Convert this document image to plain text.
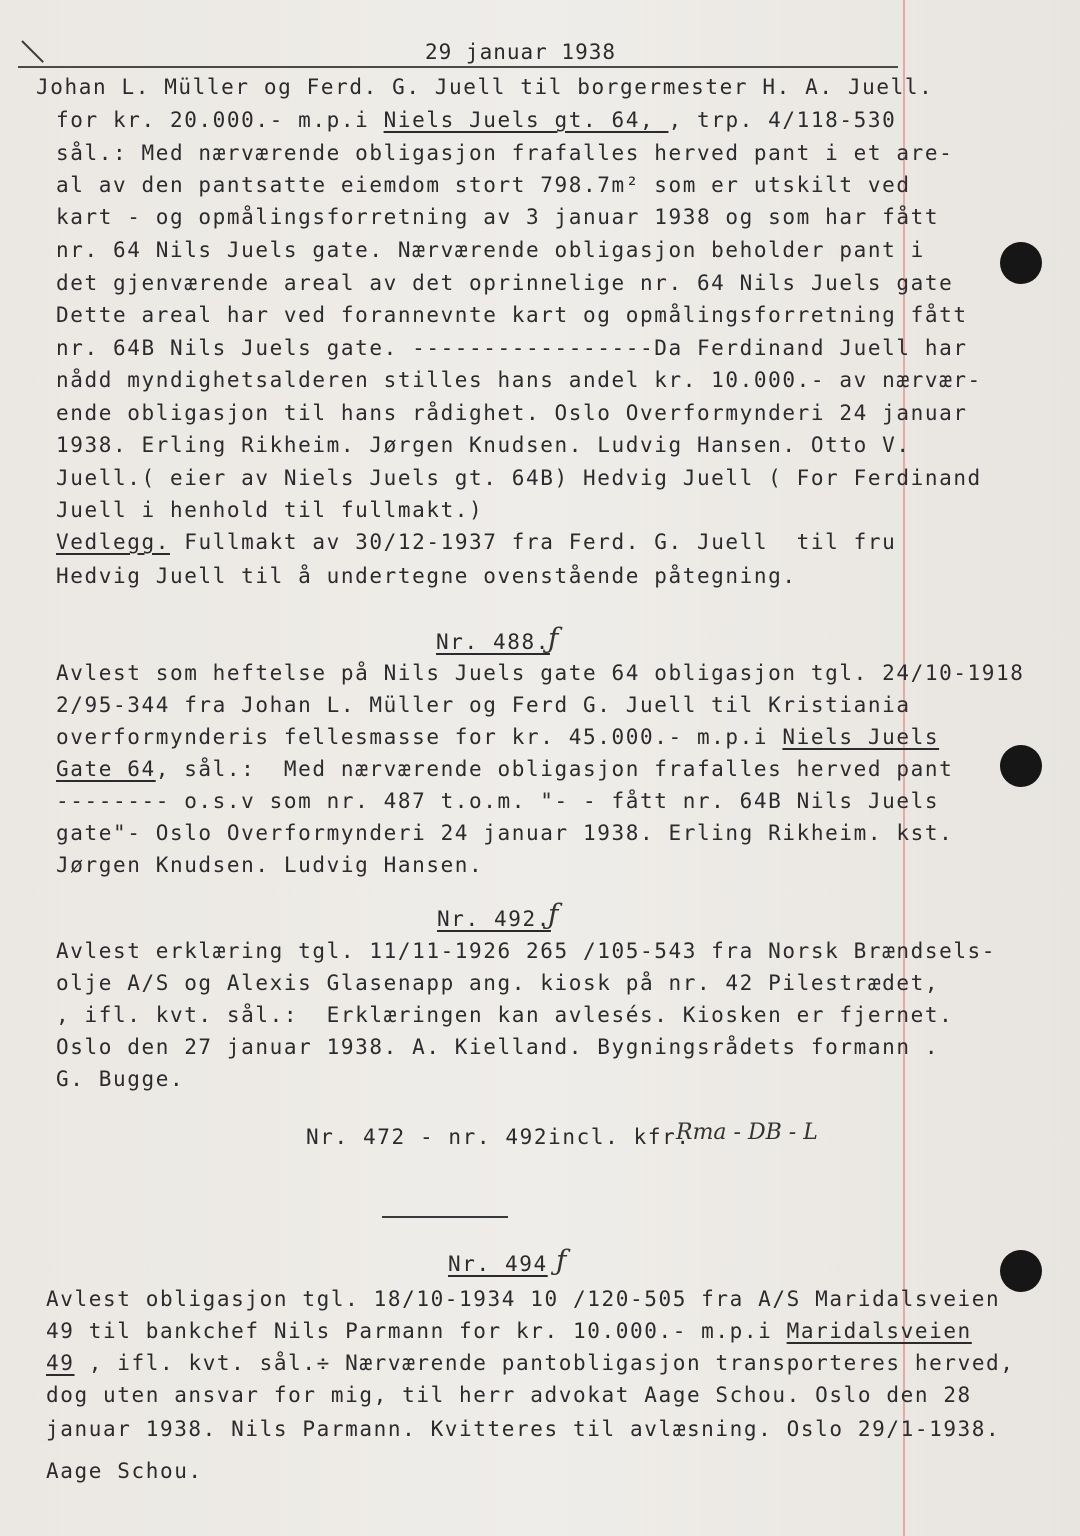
29 januar 1938
Johan L. Müller og Ferd. G. Juell til borgermester H. A. Juell.
for kr. 20.000.- m.p.i Niels Juels gt. 64, , trp. 4/118-530
sål.: Med nærværende obligasjon frafalles herved pant i et are-
al av den pantsatte eiemdom stort 798.7m² som er utskilt ved
kart - og opmålingsforretning av 3 januar 1938 og som har fått
nr. 64 Nils Juels gate. Nærværende obligasjon beholder pant i
det gjenværende areal av det oprinnelige nr. 64 Nils Juels gate
Dette areal har ved forannevnte kart og opmålingsforretning fått
nr. 64B Nils Juels gate. -----------------Da Ferdinand Juell har
nådd myndighetsalderen stilles hans andel kr. 10.000.- av nærvær-
ende obligasjon til hans rådighet. Oslo Overformynderi 24 januar
1938. Erling Rikheim. Jørgen Knudsen. Ludvig Hansen. Otto V.
Juell.( eier av Niels Juels gt. 64B) Hedvig Juell ( For Ferdinand
Juell i henhold til fullmakt.)
Vedlegg. Fullmakt av 30/12-1937 fra Ferd. G. Juell  til fru
Hedvig Juell til å undertegne ovenstående påtegning.
Nr. 488.
ƒ
Avlest som heftelse på Nils Juels gate 64 obligasjon tgl. 24/10-1918
2/95-344 fra Johan L. Müller og Ferd G. Juell til Kristiania
overformynderis fellesmasse for kr. 45.000.- m.p.i Niels Juels
Gate 64, sål.:  Med nærværende obligasjon frafalles herved pant
-------- o.s.v som nr. 487 t.o.m. "- - fått nr. 64B Nils Juels
gate"- Oslo Overformynderi 24 januar 1938. Erling Rikheim. kst.
Jørgen Knudsen. Ludvig Hansen.
Nr. 492.
ƒ
Avlest erklæring tgl. 11/11-1926 265 /105-543 fra Norsk Brændsels-
olje A/S og Alexis Glasenapp ang. kiosk på nr. 42 Pilestrædet,
, ifl. kvt. sål.:  Erklæringen kan avlesés. Kiosken er fjernet.
Oslo den 27 januar 1938. A. Kielland. Bygningsrådets formann .
G. Bugge.
Nr. 472 - nr. 492incl. kfr.
Rma - DB - L
Nr. 494 ƒ
Avlest obligasjon tgl. 18/10-1934 10 /120-505 fra A/S Maridalsveien
49 til bankchef Nils Parmann for kr. 10.000.- m.p.i Maridalsveien
49 , ifl. kvt. sål.÷ Nærværende pantobligasjon transporteres herved,
dog uten ansvar for mig, til herr advokat Aage Schou. Oslo den 28
januar 1938. Nils Parmann. Kvitteres til avlæsning. Oslo 29/1-1938.
Aage Schou.
